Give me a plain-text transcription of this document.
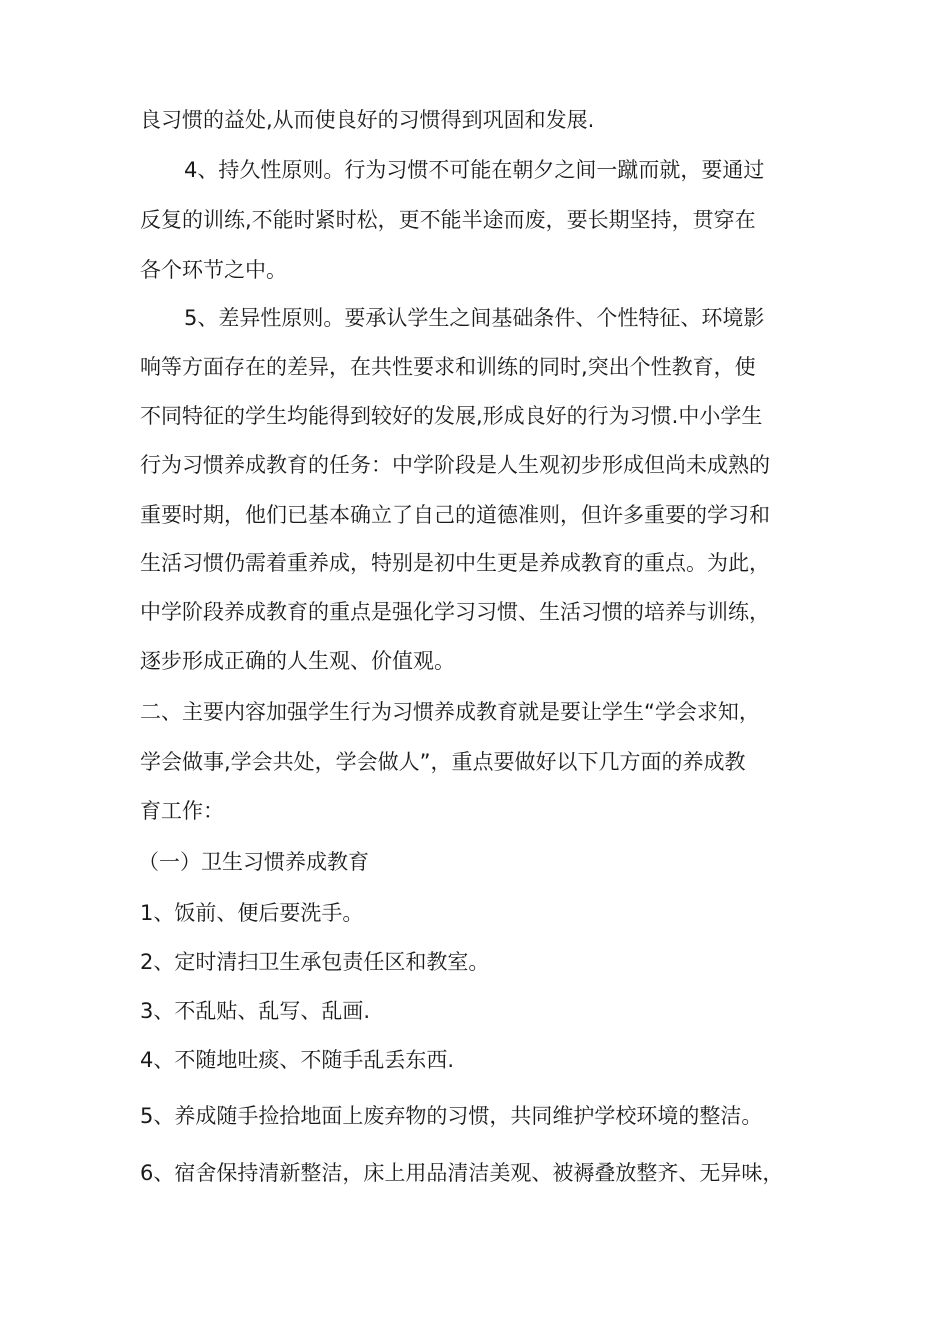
良习惯的益处,从而使良好的习惯得到巩固和发展.

4、持久性原则。行为习惯不可能在朝夕之间一蹴而就，要通过

反复的训练,不能时紧时松，更不能半途而废，要长期坚持，贯穿在

各个环节之中。

5、差异性原则。要承认学生之间基础条件、个性特征、环境影

响等方面存在的差异，在共性要求和训练的同时,突出个性教育，使

不同特征的学生均能得到较好的发展,形成良好的行为习惯.中小学生

行为习惯养成教育的任务：中学阶段是人生观初步形成但尚未成熟的

重要时期，他们已基本确立了自己的道德准则，但许多重要的学习和

生活习惯仍需着重养成，特别是初中生更是养成教育的重点。为此，

中学阶段养成教育的重点是强化学习习惯、生活习惯的培养与训练，

逐步形成正确的人生观、价值观。

二、主要内容加强学生行为习惯养成教育就是要让学生“学会求知，

学会做事,学会共处，学会做人”，重点要做好以下几方面的养成教

育工作：

（一）卫生习惯养成教育

1、饭前、便后要洗手。

2、定时清扫卫生承包责任区和教室。

3、不乱贴、乱写、乱画.

4、不随地吐痰、不随手乱丢东西.

5、养成随手捡拾地面上废弃物的习惯，共同维护学校环境的整洁。

6、宿舍保持清新整洁，床上用品清洁美观、被褥叠放整齐、无异味，
